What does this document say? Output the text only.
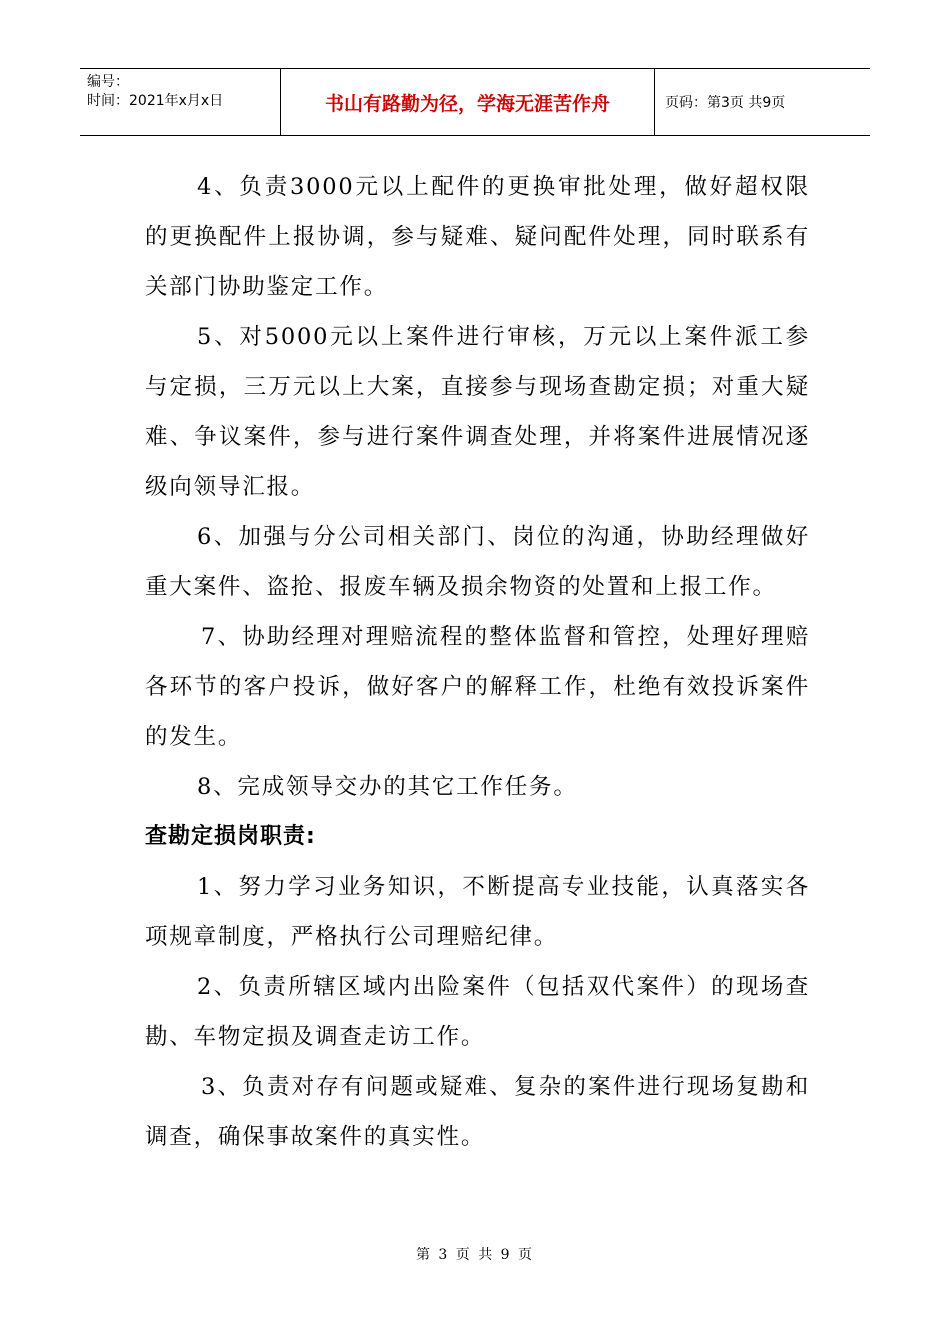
编号：
时间：2021年x月x日	书山有路勤为径，学海无涯苦作舟	页码：第3页 共9页

4、负责3000元以上配件的更换审批处理，做好超权限的更换配件上报协调，参与疑难、疑问配件处理，同时联系有关部门协助鉴定工作。

5、对5000元以上案件进行审核，万元以上案件派工参与定损，三万元以上大案，直接参与现场查勘定损；对重大疑难、争议案件，参与进行案件调查处理，并将案件进展情况逐级向领导汇报。

6、加强与分公司相关部门、岗位的沟通，协助经理做好重大案件、盗抢、报废车辆及损余物资的处置和上报工作。

7、协助经理对理赔流程的整体监督和管控，处理好理赔各环节的客户投诉，做好客户的解释工作，杜绝有效投诉案件的发生。

8、完成领导交办的其它工作任务。

查勘定损岗职责:

1、努力学习业务知识，不断提高专业技能，认真落实各项规章制度，严格执行公司理赔纪律。

2、负责所辖区域内出险案件（包括双代案件）的现场查勘、车物定损及调查走访工作。

3、负责对存有问题或疑难、复杂的案件进行现场复勘和调查，确保事故案件的真实性。

第 3 页 共 9 页
